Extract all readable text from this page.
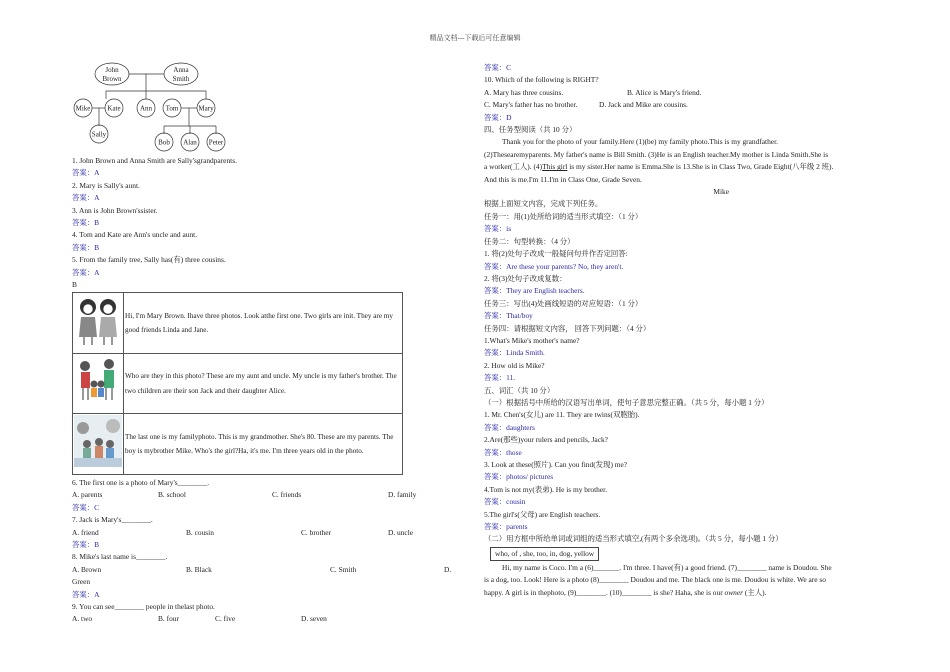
精品文档---下载后可任意编辑
John
Brown
Anna
Smith
Mike Kate	Ann Tom	Mary
Sally
Bob Alan Peter
1. John Brown and Anna Smith are Sally'sgrandparents.
答案：A
2. Mary is Sally's aunt.
答案：A
3. Ann is John Brown'ssister.
答案：B
4. Tom and Kate are Ann's uncle and aunt.
答案：B
5. From the family tree, Sally has(有) three cousins.
答案：A
B
	Hi, I'm Mary Brown. Ihave three photos. Look atthe first one. Two girls are init. They are my good friends Linda and Jane.
	Who are they in this photo? These are my aunt and uncle. My uncle is my father's brother. The two children are their son Jack and their daughter Alice.
	The last one is my familyphoto. This is my grandmother. She's 80. These are my parents. The boy is mybrother Mike. Who's the girl?Ha, it's me. I'm three years old in the photo.
6. The first one is a photo of Mary's________.
A. parents	B. school	C. friends	D. family
答案：C
7. Jack is Mary's________.
A. friend	B. cousin	C. brother	D. uncle
答案：B
8. Mike's last name is________.
A. Brown	B. Black	C. Smith	D.
Green
答案：A
9. You can see________ people in thelast photo.
A. two	B. four	C. five	D. seven
答案：C
10. Which of the following is RIGHT?
A. Mary has three cousins.	B. Alice is Mary's friend.
C. Mary's father has no brother.	D. Jack and Mike are cousins.
答案：D
四、任务型阅读（共 10 分）
Thank you for the photo of your family.Here (1)(be) my family photo.This is my grandfather.
(2)Thesearemyparents. My father's name is Bill Smith. (3)He is an English teacher.My mother is Linda Smith.She is
a worker(工人). (4)This girl is my sister.Her name is Emma.She is 13.She is in Class Two, Grade Eight(八年级 2 班).
And this is me.I'm 11.I'm in Class One, Grade Seven.
Mike
根据上面短文内容，完成下列任务。
任务一：用(1)处所给词的适当形式填空：（1 分）
答案：is
任务二：句型转换：（4 分）
1. 将(2)处句子改成一般疑问句并作否定回答:
答案：Are these your parents? No, they aren't.
2. 将(3)处句子改成复数：
答案：They are English teachers.
任务三：写出(4)处画线短语的对应短语：（1 分）
答案：That/boy
任务四：请根据短文内容， 回答下列问题：（4 分）
1.What's Mike's mother's name?
答案：Linda Smith.
2. How old is Mike?
答案：11.
五、词汇（共 10 分）
（一）根据括号中所给的汉语写出单词，使句子意思完整正确。（共 5 分，每小题 1 分）
1. Mr. Chen's(女儿) are 11. They are twins(双胞胎).
答案：daughters
2.Are(那些)your rulers and pencils, Jack?
答案：those
3. Look at these(照片). Can you find(发现) me?
答案：photos/ pictures
4.Tom is not my(表弟). He is my brother.
答案：cousin
5.The girl's(父母) are English teachers.
答案：parents
（二）用方框中所给单词或词组的适当形式填空,(有两个多余选项)。（共 5 分，每小题 1 分）
who, of , she, too, in, dog, yellow
Hi, my name is Coco. I'm a (6)_______. I'm three. I have(有) a good friend. (7)________ name is Doudou. She
is a dog, too. Look! Here is a photo (8)________ Doudou and me. The black one is me. Doudou is white. We are so
happy. A girl is in thephoto, (9)________. (10)________ is she? Haha, she is our owner (主人).
